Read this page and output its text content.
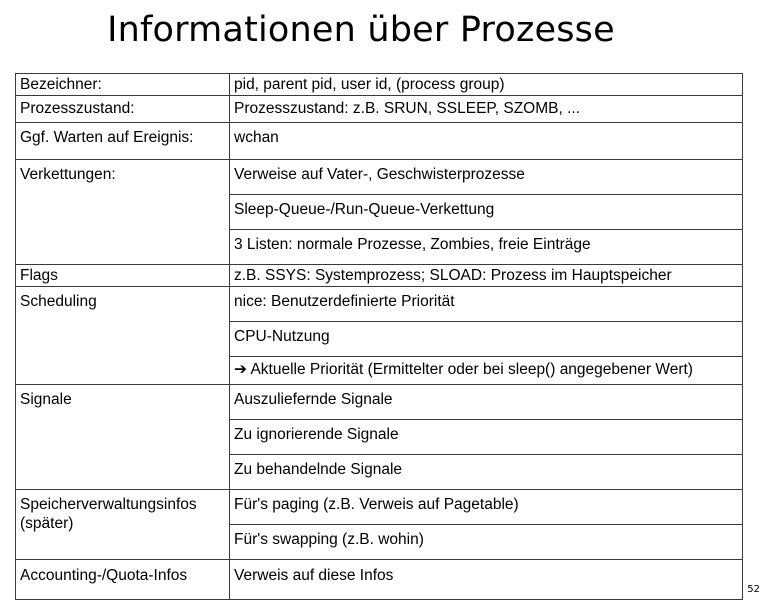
Informationen über Prozesse
Bezeichner:	pid, parent pid, user id, (process group)
Prozesszustand:	Prozesszustand: z.B. SRUN, SSLEEP, SZOMB, ...
Ggf. Warten auf Ereignis:	wchan
Verkettungen:	Verweise auf Vater-, Geschwisterprozesse
	Sleep-Queue-/Run-Queue-Verkettung
	3 Listen: normale Prozesse, Zombies, freie Einträge
Flags	z.B. SSYS: Systemprozess; SLOAD: Prozess im Hauptspeicher
Scheduling	nice: Benutzerdefinierte Priorität
	CPU-Nutzung
	➔ Aktuelle Priorität (Ermittelter oder bei sleep() angegebener Wert)
Signale	Auszuliefernde Signale
	Zu ignorierende Signale
	Zu behandelnde Signale
Speicherverwaltungsinfos (später)	Für's paging (z.B. Verweis auf Pagetable)
	Für's swapping (z.B. wohin)
Accounting-/Quota-Infos	Verweis auf diese Infos
52
